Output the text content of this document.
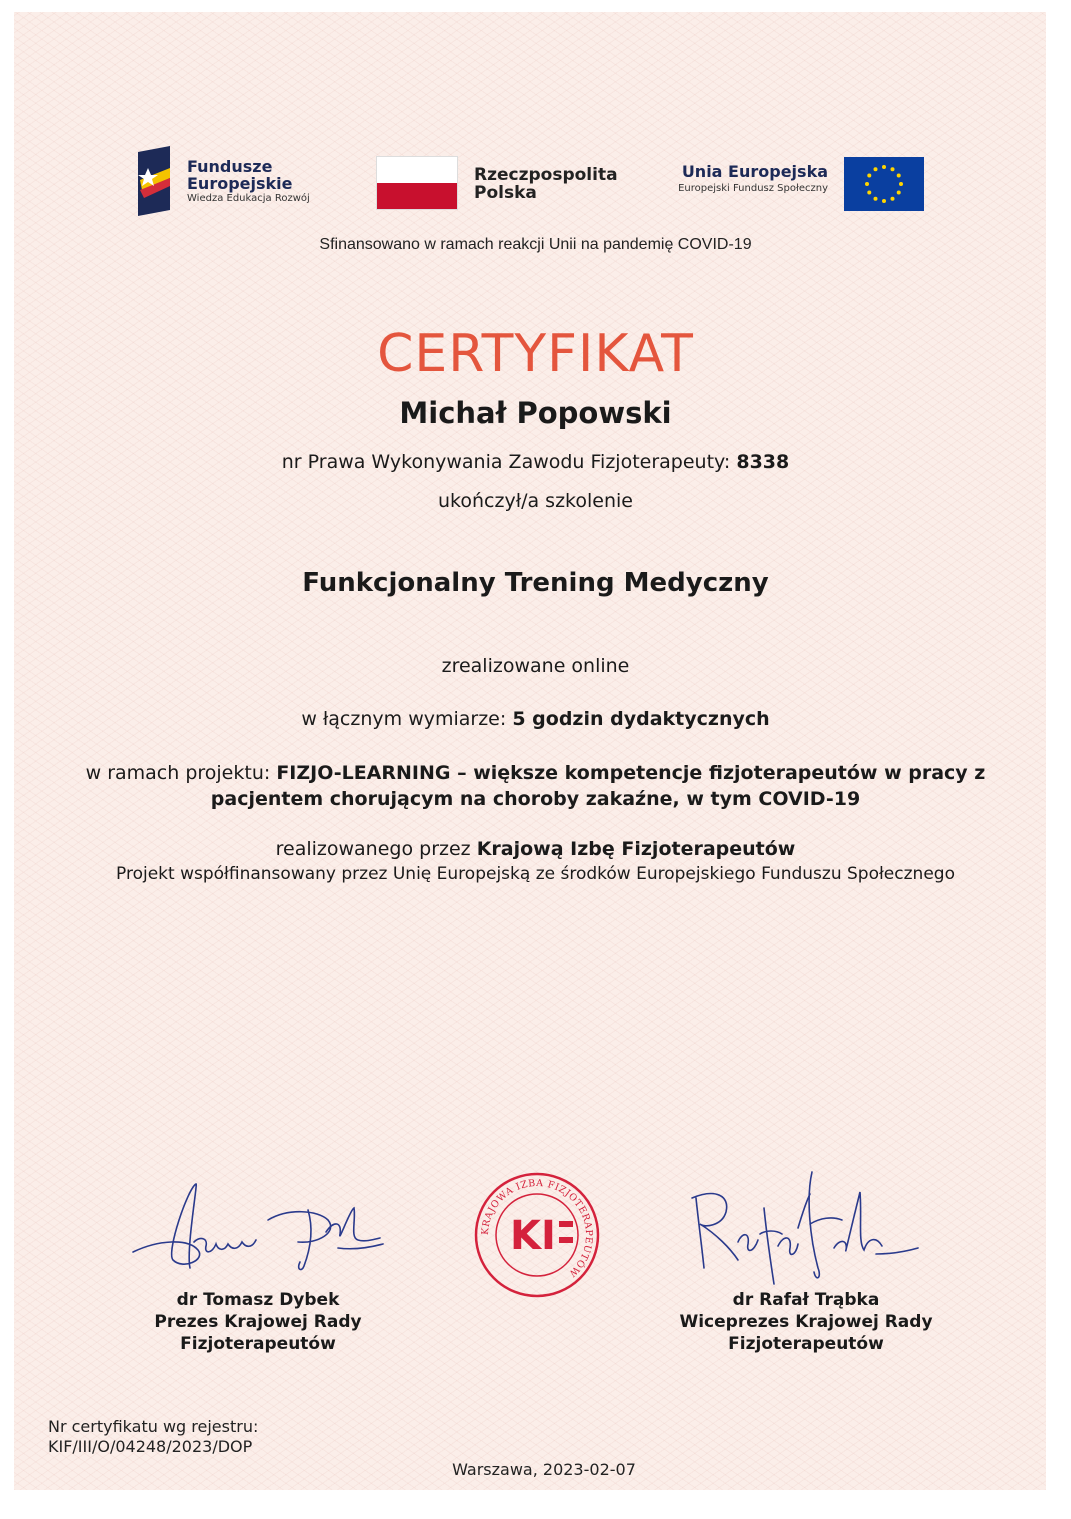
Fundusze
Europejskie
Wiedza Edukacja Rozwój
Rzeczpospolita
Polska
Unia Europejska
Europejski Fundusz Społeczny
Sfinansowano w ramach reakcji Unii na pandemię COVID-19
CERTYFIKAT
Michał Popowski
nr Prawa Wykonywania Zawodu Fizjoterapeuty: 8338
ukończył/a szkolenie
Funkcjonalny Trening Medyczny
zrealizowane online
w łącznym wymiarze: 5 godzin dydaktycznych
w ramach projektu: FIZJO-LEARNING – większe kompetencje fizjoterapeutów w pracy z pacjentem chorującym na choroby zakaźne, w tym COVID-19
realizowanego przez Krajową Izbę Fizjoterapeutów
Projekt współfinansowany przez Unię Europejską ze środków Europejskiego Funduszu Społecznego
KRAJOWA IZBA FIZJOTERAPEUTÓW
KI
dr Tomasz Dybek
Prezes Krajowej Rady
Fizjoterapeutów
dr Rafał Trąbka
Wiceprezes Krajowej Rady
Fizjoterapeutów
Nr certyfikatu wg rejestru:
KIF/III/O/04248/2023/DOP
Warszawa, 2023-02-07
